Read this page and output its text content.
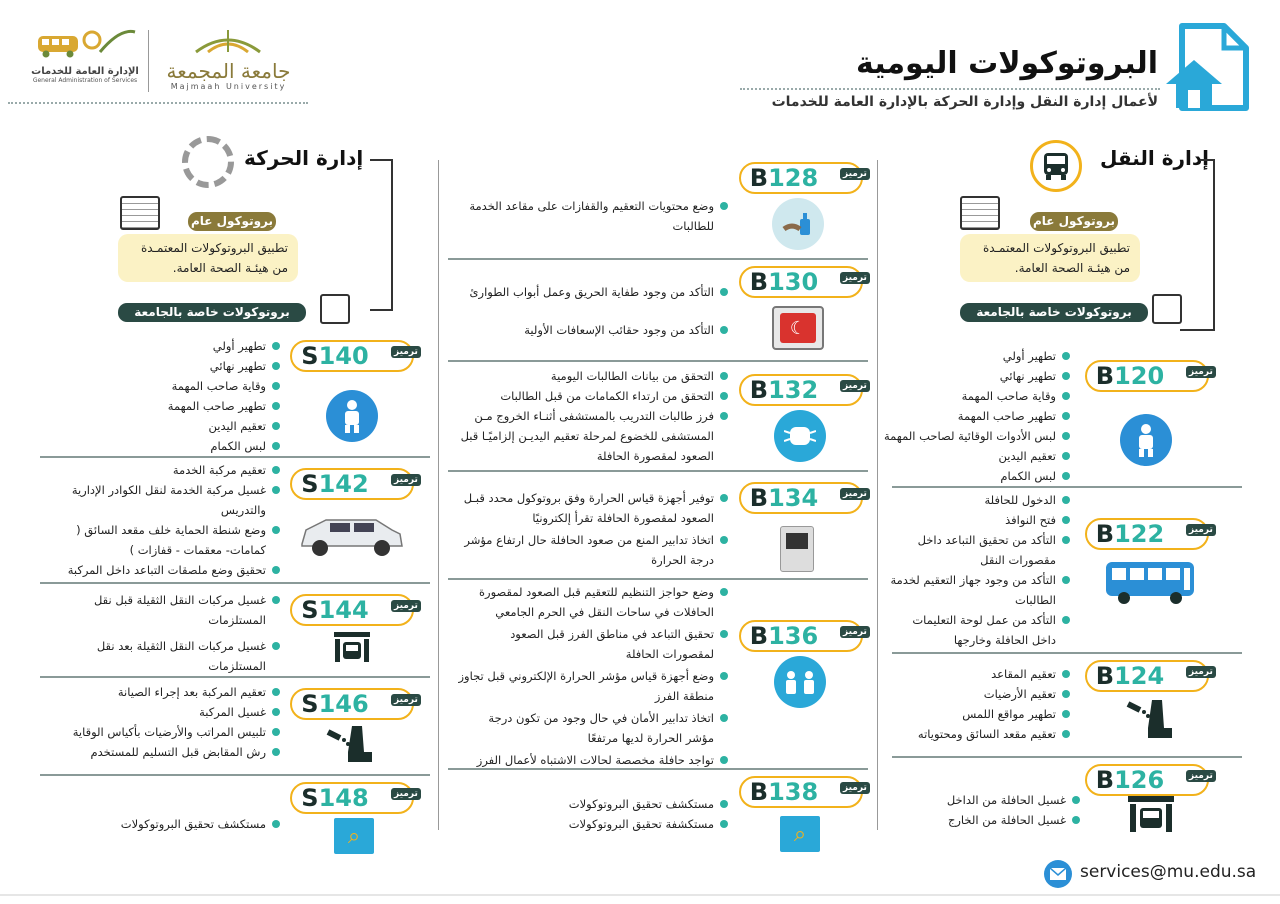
الإدارة العامة للخدمات
General Administration of Services	جامعة المجمعة
Majmaah University
البروتوكولات اليومية
لأعمال إدارة النقل وإدارة الحركة بالإدارة العامة للخدمات
إدارة النقل
بروتوكول عام
تطبيق البروتوكولات المعتمـدة من هيئـة الصحة العامة.
بروتوكولات خاصة بالجامعة
تطهير أولي
تطهير نهائي
وقاية صاحب المهمة
تطهير صاحب المهمة
لبس الأدوات الوقائية لصاحب المهمة
تعقيم اليدين
لبس الكمام
B 120	ترميز
الدخول للحافلة
فتح النوافذ
التأكد من تحقيق التباعد داخل مقصورات النقل
التأكد من وجود جهاز التعقيم لخدمة الطالبات
التأكد من عمل لوحة التعليمات داخل الحافلة وخارجها
B 122	ترميز
تعقيم المقاعد
تعقيم الأرضيات
تطهير مواقع اللمس
تعقيم مقعد السائق ومحتوياته
B 124	ترميز
B 126	ترميز
غسيل الحافلة من الداخل
غسيل الحافلة من الخارج
B 128	ترميز
وضع محتويات التعقيم والقفازات على مقاعد الخدمة للطالبات
B 130	ترميز
التأكد من وجود طفاية الحريق وعمل أبواب الطوارئ
التأكد من وجود حقائب الإسعافات الأولية	☾
التحقق من بيانات الطالبات اليومية
التحقق من ارتداء الكمامات من قبل الطالبات
فرز طالبات التدريب بالمستشفى أثنـاء الخروج مـن المستشفى للخضوع لمرحلة تعقيم اليديـن إلزاميًـا قبل الصعود لمقصورة الحافلة
B 132	ترميز
B 134	ترميز
توفير أجهزة قياس الحرارة وفق بروتوكول محدد قبـل الصعود لمقصورة الحافلة تقرأ إلكترونيًا
اتخاذ تدابير المنع من صعود الحافلة حال ارتفاع مؤشر درجة الحرارة
وضع حواجز التنظيم للتعقيم قبل الصعود لمقصورة الحافلات في ساحات النقل في الحرم الجامعي
تحقيق التباعد في مناطق الفرز قبل الصعود لمقصورات الحافلة
وضع أجهزة قياس مؤشر الحرارة الإلكتروني قبل تجاوز منطقة الفرز
اتخاذ تدابير الأمان في حال وجود من تكون درجة مؤشر الحرارة لديها مرتفعًا
تواجد حافلة مخصصة لحالات الاشتباه لأعمال الفرز
B 136	ترميز
B 138	ترميز
مستكشف تحقيق البروتوكولات
مستكشفة تحقيق البروتوكولات	⌕
إدارة الحركة
بروتوكول عام
تطبيق البروتوكولات المعتمـدة من هيئـة الصحة العامة.
بروتوكولات خاصة بالجامعة
S 140	ترميز
تطهير أولي
تطهير نهائي
وقاية صاحب المهمة
تطهير صاحب المهمة
تعقيم اليدين
لبس الكمام
تعقيم مركبة الخدمة
غسيل مركبة الخدمة لنقل الكوادر الإدارية والتدريس
وضع شنطة الحماية خلف مقعد السائق ( كمامات- معقمات - قفازات )
تحقيق وضع ملصقات التباعد داخل المركبة
S 142	ترميز
غسيل مركبات النقل الثقيلة قبل نقل المستلزمات
غسيل مركبات النقل الثقيلة بعد نقل المستلزمات
S 144	ترميز
تعقيم المركبة بعد إجراء الصيانة
غسيل المركبة
تلبيس المراتب والأرضيات بأكياس الوقاية
رش المقابض قبل التسليم للمستخدم
S 146	ترميز
S 148	ترميز
مستكشف تحقيق البروتوكولات	⌕
services@mu.edu.sa
